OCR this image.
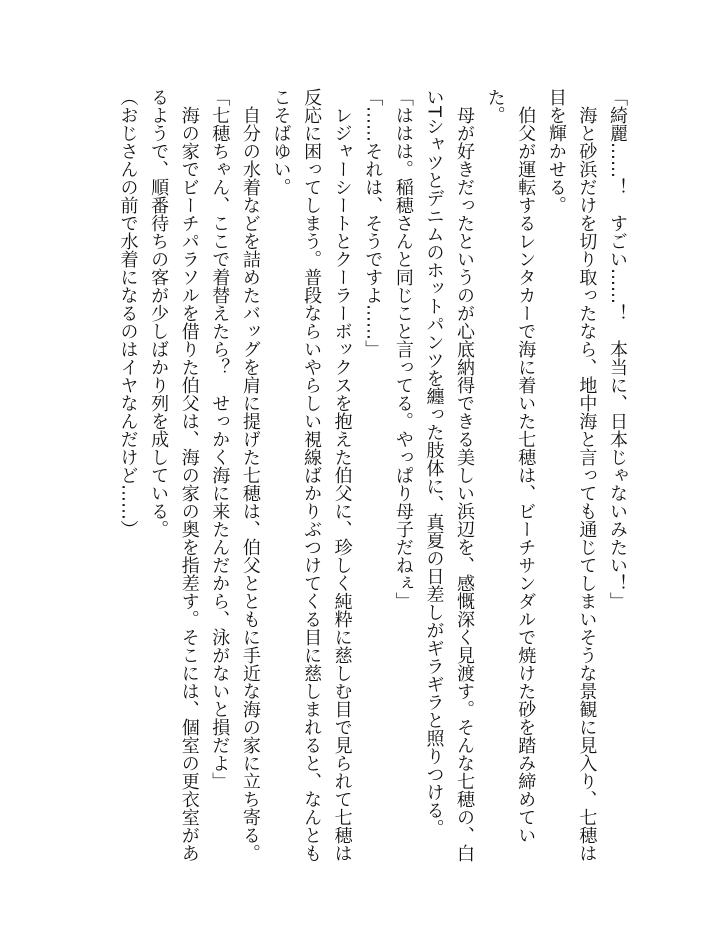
「綺麗……！　すごい……！　本当に、日本じゃないみたい！」
　海と砂浜だけを切り取ったなら、地中海と言っても通じてしまいそうな景観に見入り、七穂は
目を輝かせる。
　伯父が運転するレンタカーで海に着いた七穂は、ビーチサンダルで焼けた砂を踏み締めてい
た。
　母が好きだったというのが心底納得できる美しい浜辺を、感慨深く見渡す。そんな七穂の、白
いTシャツとデニムのホットパンツを纏った肢体に、真夏の日差しがギラギラと照りつける。
「ははは。稲穂さんと同じこと言ってる。やっぱり母子だねぇ」
「……それは、そうですよ……」
　レジャーシートとクーラーボックスを抱えた伯父に、珍しく純粋に慈しむ目で見られて七穂は
反応に困ってしまう。普段ならいやらしい視線ばかりぶつけてくる目に慈しまれると、なんとも
こそばゆい。
　自分の水着などを詰めたバッグを肩に提げた七穂は、伯父とともに手近な海の家に立ち寄る。
「七穂ちゃん、ここで着替えたら？　せっかく海に来たんだから、泳がないと損だよ」
　海の家でビーチパラソルを借りた伯父は、海の家の奥を指差す。そこには、個室の更衣室があ
るようで、順番待ちの客が少しばかり列を成している。
（おじさんの前で水着になるのはイヤなんだけど……）
